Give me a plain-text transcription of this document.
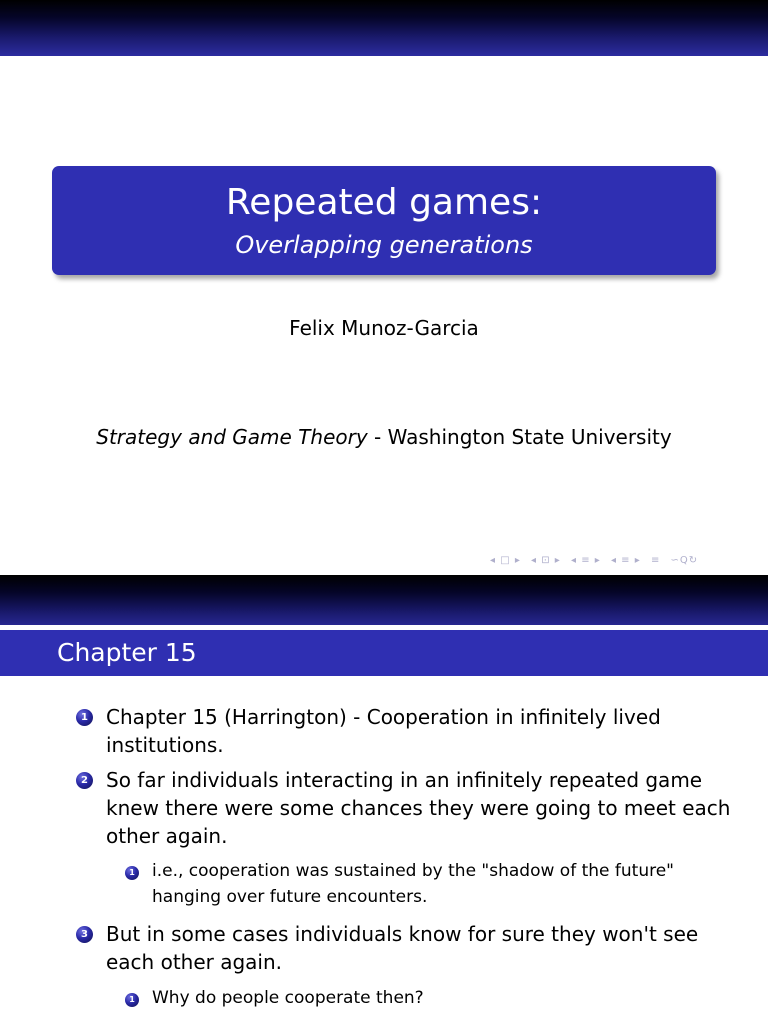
Repeated games:
Overlapping generations
Felix Munoz-Garcia
Strategy and Game Theory - Washington State University
◂ □ ▸ ◂ ⊡ ▸ ◂ ≡ ▸ ◂ ≡ ▸ ≡ ∽Q↻
Chapter 15
1 Chapter 15 (Harrington) - Cooperation in infinitely lived
institutions.
2 So far individuals interacting in an infinitely repeated game
knew there were some chances they were going to meet each
other again.
1 i.e., cooperation was sustained by the "shadow of the future"
hanging over future encounters.
3 But in some cases individuals know for sure they won't see
each other again.
1 Why do people cooperate then?
